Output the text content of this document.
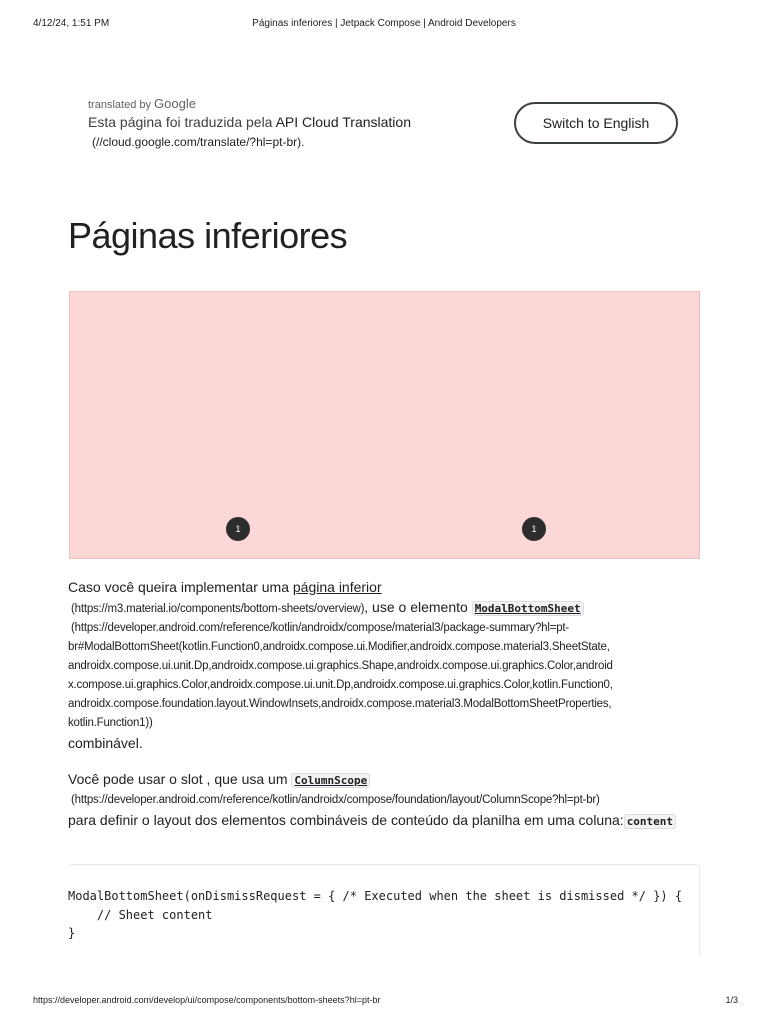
4/12/24, 1:51 PM	Páginas inferiores | Jetpack Compose | Android Developers
translated by Google
Esta página foi traduzida pela API Cloud Translation
(//cloud.google.com/translate/?hl=pt-br).
Switch to English
Páginas inferiores
1	1
Caso você queira implementar uma página inferior
(https://m3.material.io/components/bottom-sheets/overview), use o elemento ModalBottomSheet
(https://developer.android.com/reference/kotlin/androidx/compose/material3/package-summary?hl=pt-
br#ModalBottomSheet(kotlin.Function0,androidx.compose.ui.Modifier,androidx.compose.material3.SheetState,
androidx.compose.ui.unit.Dp,androidx.compose.ui.graphics.Shape,androidx.compose.ui.graphics.Color,android
x.compose.ui.graphics.Color,androidx.compose.ui.unit.Dp,androidx.compose.ui.graphics.Color,kotlin.Function0,
androidx.compose.foundation.layout.WindowInsets,androidx.compose.material3.ModalBottomSheetProperties,
kotlin.Function1))
combinável.
Você pode usar o slot , que usa um ColumnScope
(https://developer.android.com/reference/kotlin/androidx/compose/foundation/layout/ColumnScope?hl=pt-br)
para definir o layout dos elementos combináveis de conteúdo da planilha em uma coluna: content
ModalBottomSheet(onDismissRequest = { /* Executed when the sheet is dismissed */ }) {
// Sheet content
}
https://developer.android.com/develop/ui/compose/components/bottom-sheets?hl=pt-br	1/3
